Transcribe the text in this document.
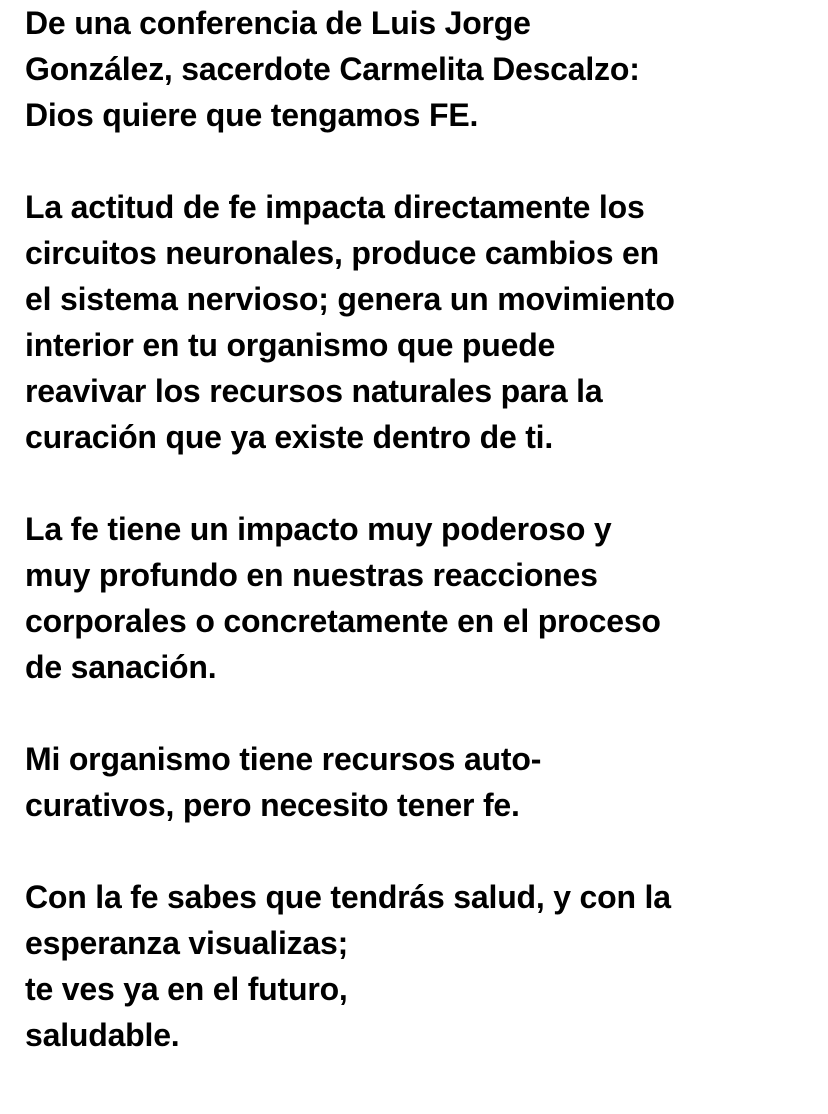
De una conferencia de Luis Jorge
González, sacerdote Carmelita Descalzo:
Dios quiere que tengamos FE.

La actitud de fe impacta directamente los
circuitos neuronales, produce cambios en
el sistema nervioso; genera un movimiento
interior en tu organismo que puede
reavivar los recursos naturales para la
curación que ya existe dentro de ti.

La fe tiene un impacto muy poderoso y
muy profundo en nuestras reacciones
corporales o concretamente en el proceso
de sanación.

Mi organismo tiene recursos auto-
curativos, pero necesito tener fe.

Con la fe sabes que tendrás salud, y con la
esperanza visualizas;
te ves ya en el futuro,
saludable.
